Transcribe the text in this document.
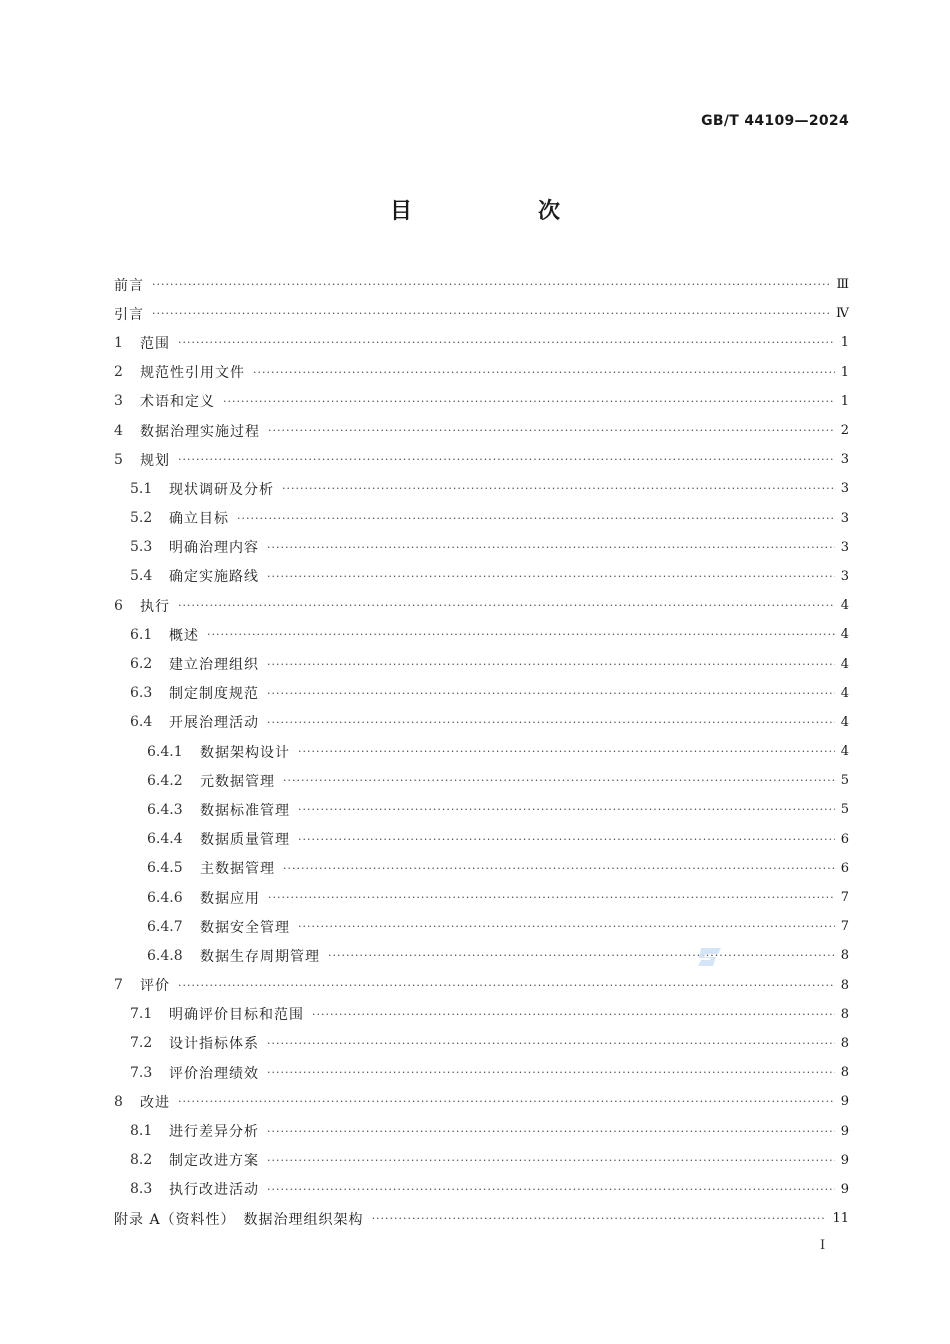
GB/T 44109—2024
目　次
前言 ·····	Ⅲ
引言 ·····	Ⅳ
1	范围 ·····	1
2	规范性引用文件 ·····	1
3	术语和定义 ·····	1
4	数据治理实施过程 ·····	2
5	规划 ·····	3
5.1	现状调研及分析 ·····	3
5.2	确立目标 ·····	3
5.3	明确治理内容 ·····	3
5.4	确定实施路线 ·····	3
6	执行 ·····	4
6.1	概述 ·····	4
6.2	建立治理组织 ·····	4
6.3	制定制度规范 ·····	4
6.4	开展治理活动 ·····	4
6.4.1	数据架构设计 ·····	4
6.4.2	元数据管理 ·····	5
6.4.3	数据标准管理 ·····	5
6.4.4	数据质量管理 ·····	6
6.4.5	主数据管理 ·····	6
6.4.6	数据应用 ·····	7
6.4.7	数据安全管理 ·····	7
6.4.8	数据生存周期管理 ·····	8
7	评价 ·····	8
7.1	明确评价目标和范围 ·····	8
7.2	设计指标体系 ·····	8
7.3	评价治理绩效 ·····	8
8	改进 ·····	9
8.1	进行差异分析 ·····	9
8.2	制定改进方案 ·····	9
8.3	执行改进活动 ·····	9
附录 A（资料性）　数据治理组织架构 ·····	11
Ⅰ
